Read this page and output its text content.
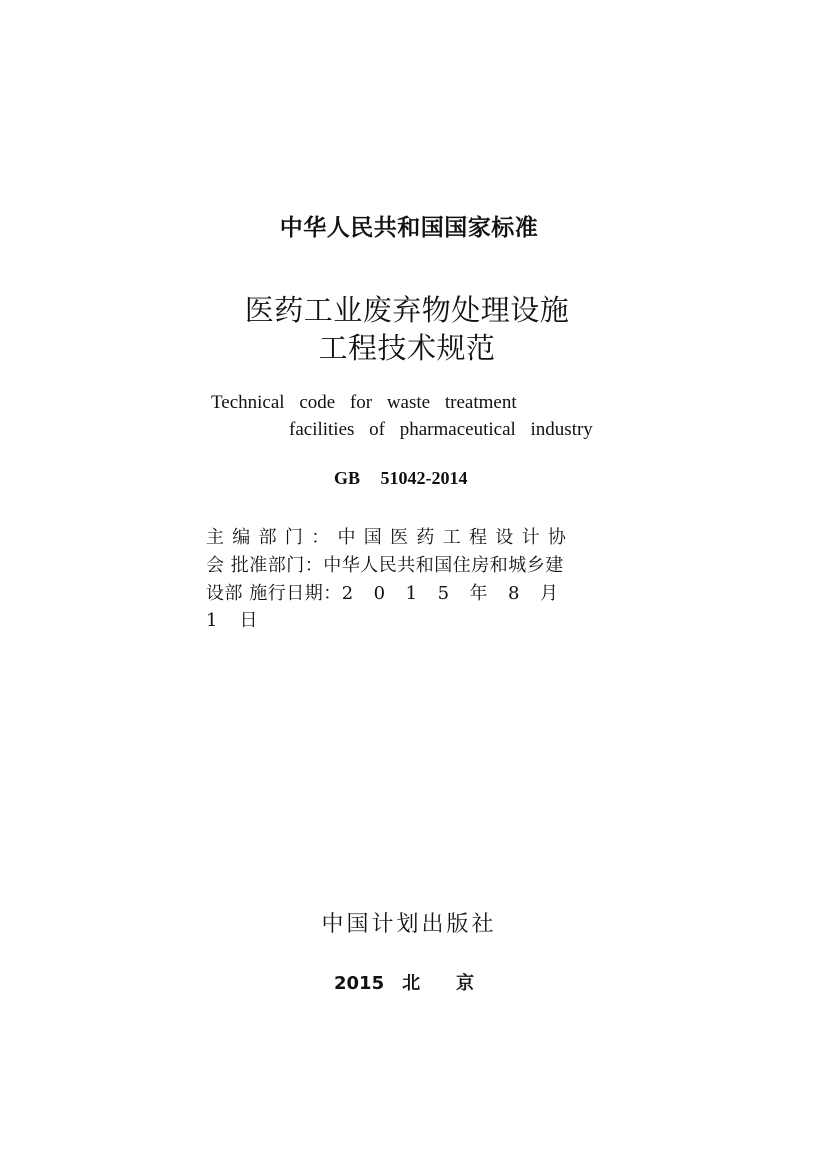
中华人民共和国国家标准
医药工业废弃物处理设施
工程技术规范
Technical code for waste treatment
facilities of pharmaceutical industry
GB 51042-2014
主编部门：中国医药工程设计协
会 批准部门：中华人民共和国住房和城乡建
设部 施行日期：2015年8月
1日
中国计划出版社
2015 北京
